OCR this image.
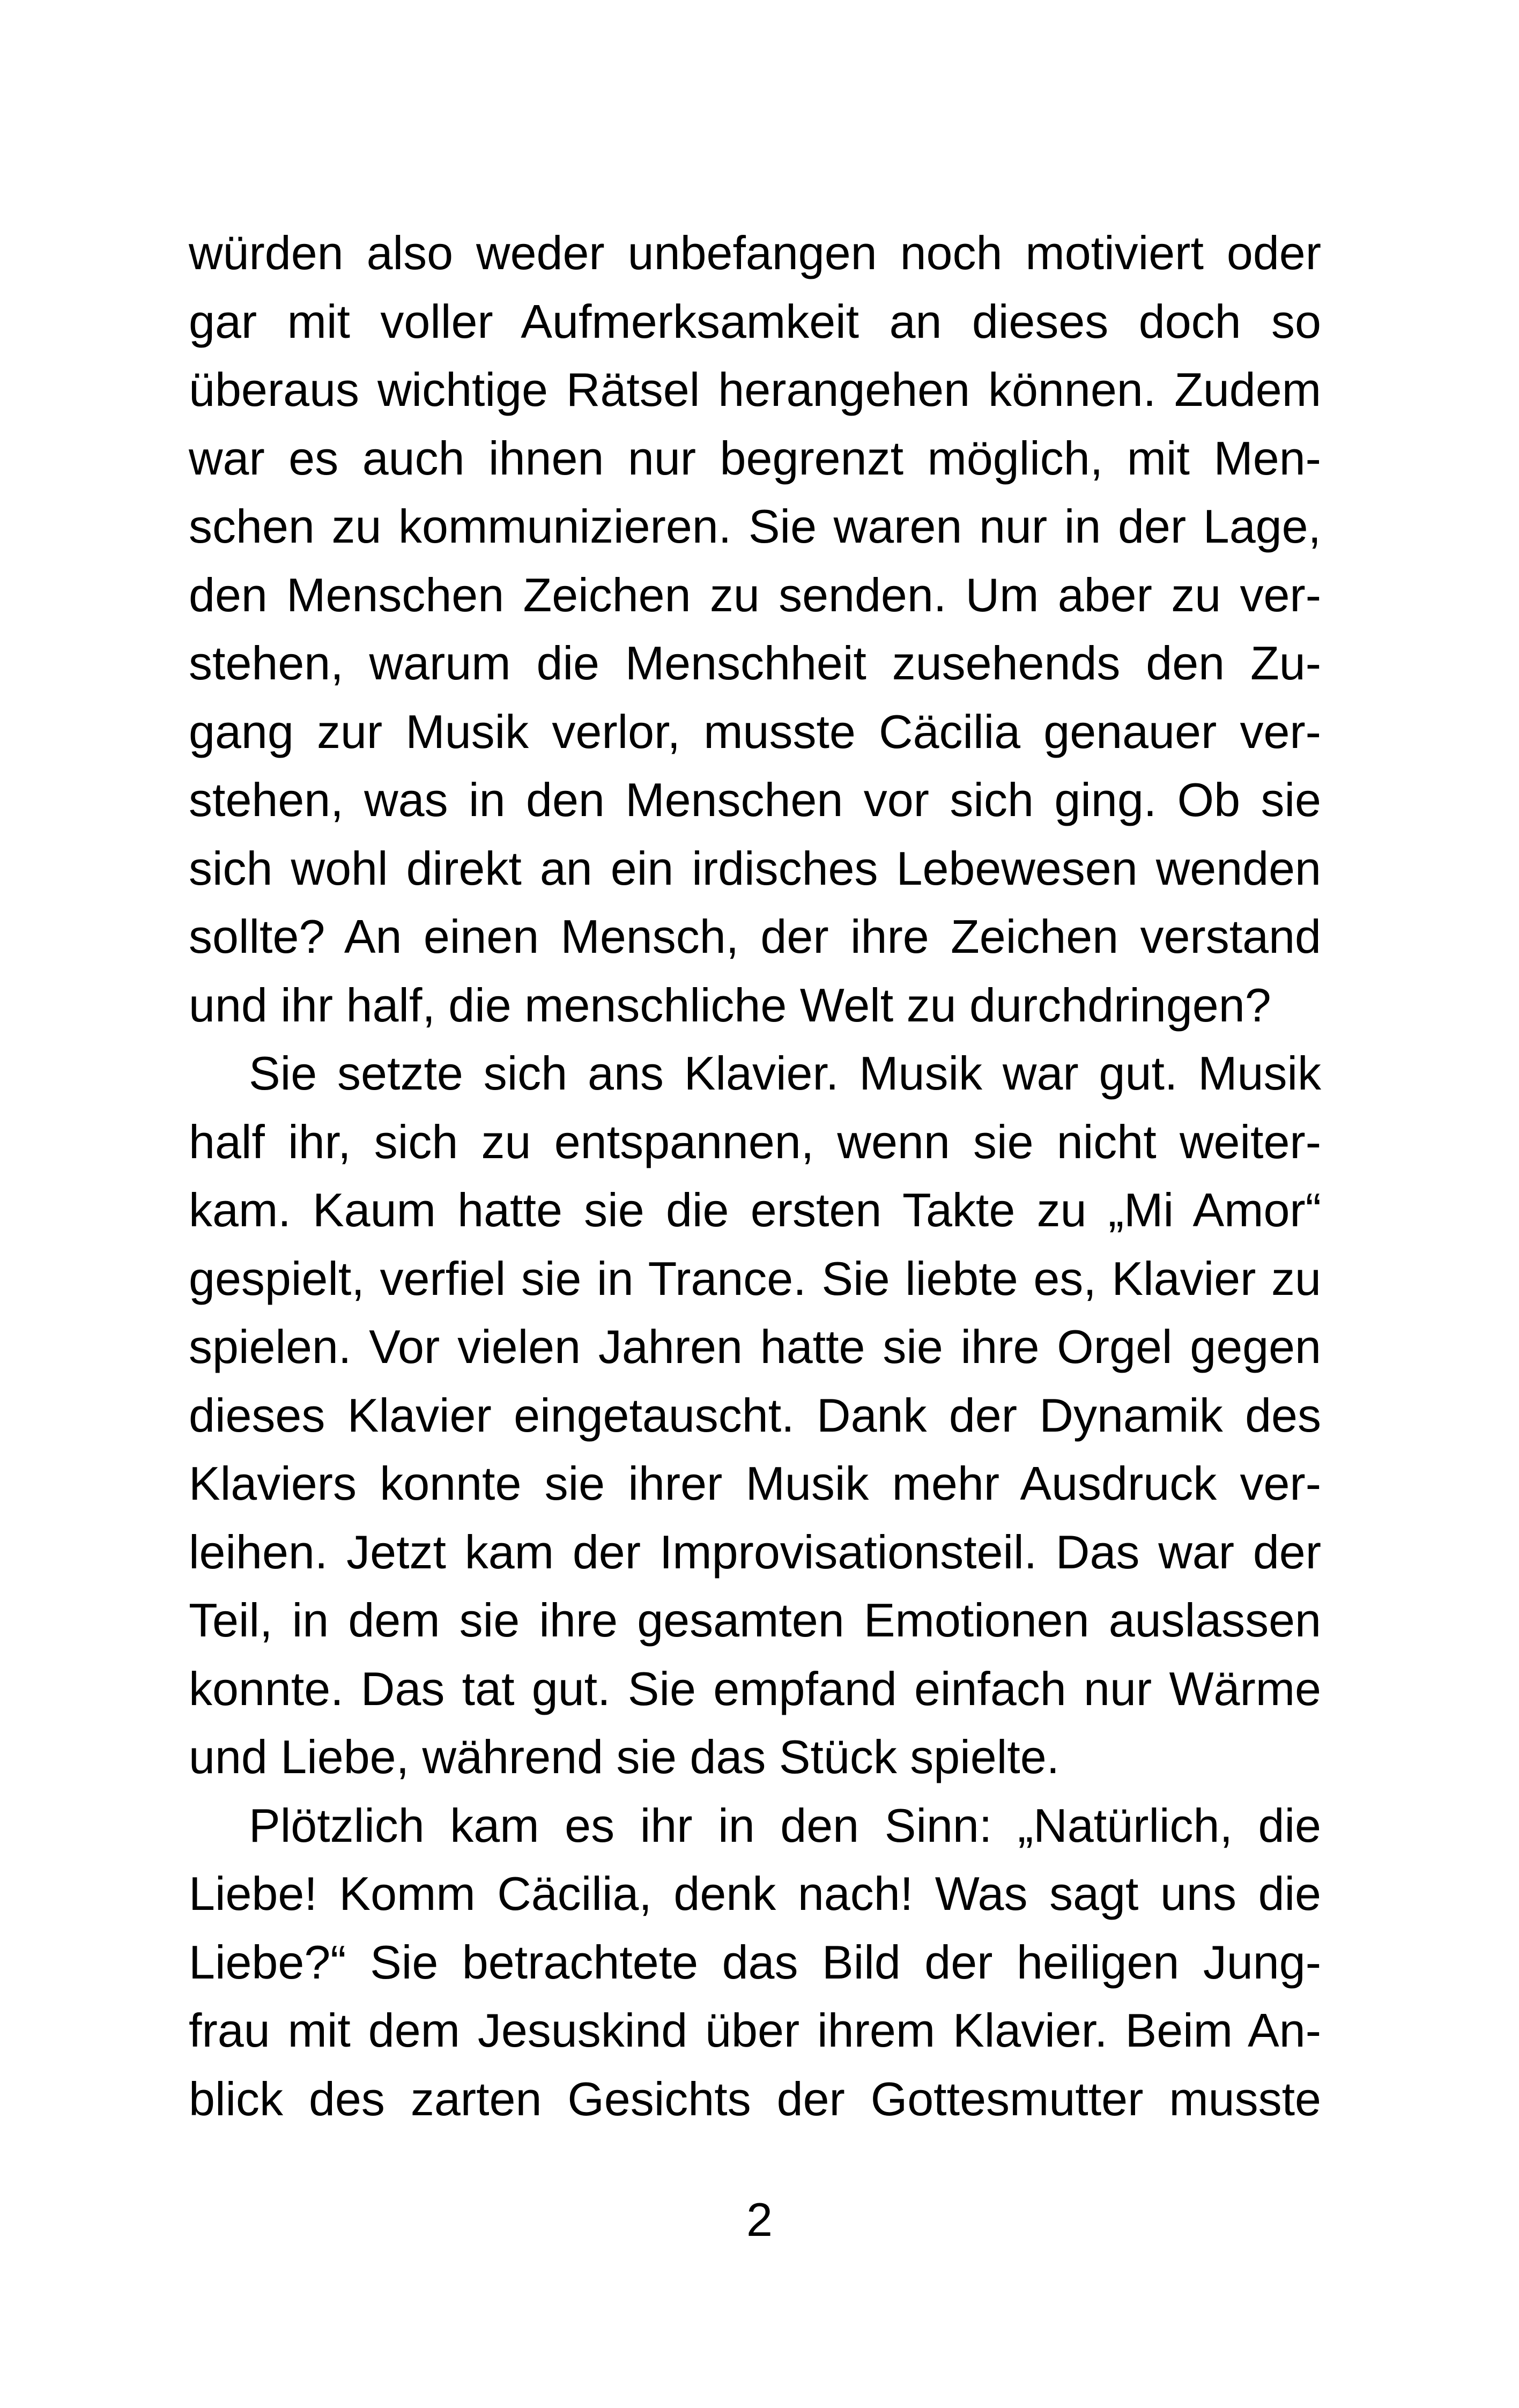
würden also weder unbefangen noch motiviert oder
gar mit voller Aufmerksamkeit an dieses doch so
überaus wichtige Rätsel herangehen können. Zudem
war es auch ihnen nur begrenzt möglich, mit Men-
schen zu kommunizieren. Sie waren nur in der Lage,
den Menschen Zeichen zu senden. Um aber zu ver-
stehen, warum die Menschheit zusehends den Zu-
gang zur Musik verlor, musste Cäcilia genauer ver-
stehen, was in den Menschen vor sich ging. Ob sie
sich wohl direkt an ein irdisches Lebewesen wenden
sollte? An einen Mensch, der ihre Zeichen verstand
und ihr half, die menschliche Welt zu durchdringen?
Sie setzte sich ans Klavier. Musik war gut. Musik
half ihr, sich zu entspannen, wenn sie nicht weiter-
kam. Kaum hatte sie die ersten Takte zu „Mi Amor“
gespielt, verfiel sie in Trance. Sie liebte es, Klavier zu
spielen. Vor vielen Jahren hatte sie ihre Orgel gegen
dieses Klavier eingetauscht. Dank der Dynamik des
Klaviers konnte sie ihrer Musik mehr Ausdruck ver-
leihen. Jetzt kam der Improvisationsteil. Das war der
Teil, in dem sie ihre gesamten Emotionen auslassen
konnte. Das tat gut. Sie empfand einfach nur Wärme
und Liebe, während sie das Stück spielte.
Plötzlich kam es ihr in den Sinn: „Natürlich, die
Liebe! Komm Cäcilia, denk nach! Was sagt uns die
Liebe?“ Sie betrachtete das Bild der heiligen Jung-
frau mit dem Jesuskind über ihrem Klavier. Beim An-
blick des zarten Gesichts der Gottesmutter musste
2
